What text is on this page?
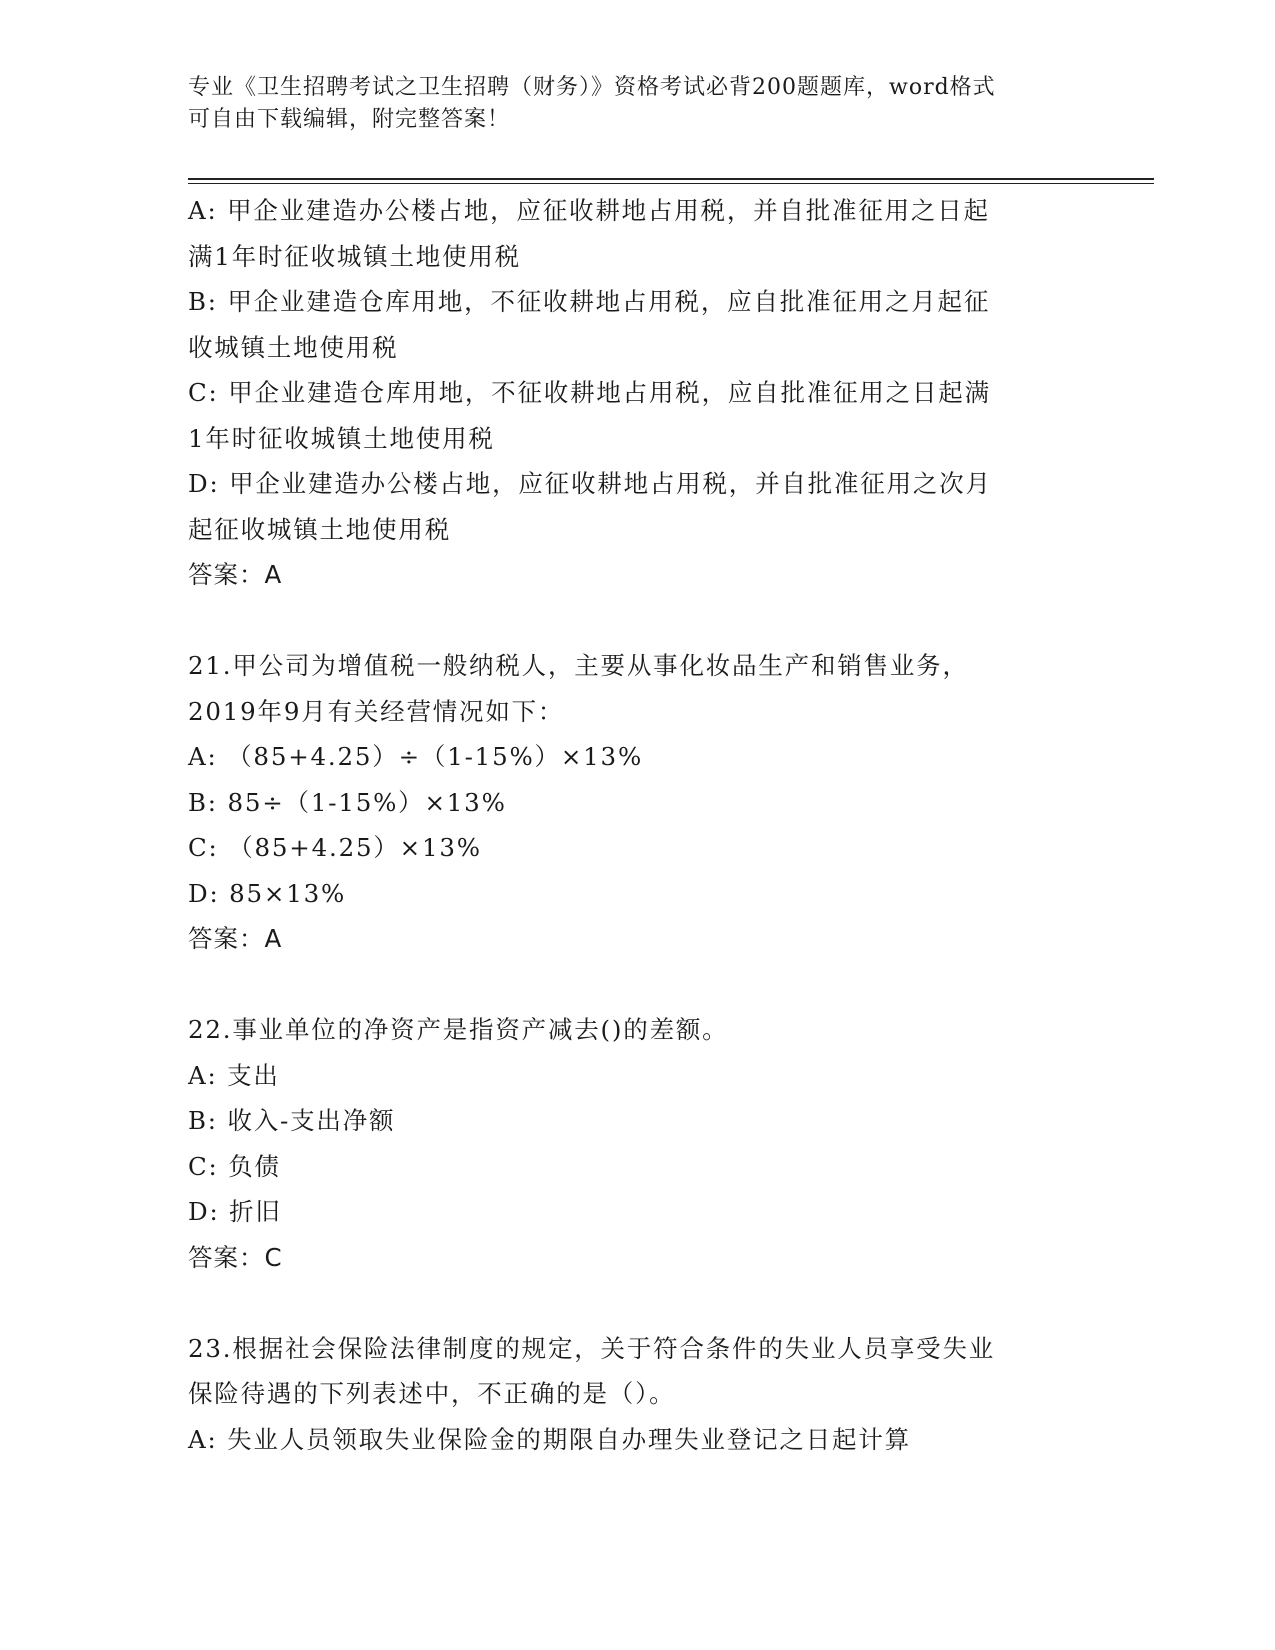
专业《卫生招聘考试之卫生招聘（财务）》资格考试必背200题题库，word格式
可自由下载编辑，附完整答案！
A: 甲企业建造办公楼占地，应征收耕地占用税，并自批准征用之日起
满1年时征收城镇土地使用税
B: 甲企业建造仓库用地，不征收耕地占用税，应自批准征用之月起征
收城镇土地使用税
C: 甲企业建造仓库用地，不征收耕地占用税，应自批准征用之日起满
1年时征收城镇土地使用税
D: 甲企业建造办公楼占地，应征收耕地占用税，并自批准征用之次月
起征收城镇土地使用税
答案：A
21.甲公司为增值税一般纳税人，主要从事化妆品生产和销售业务，
2019年9月有关经营情况如下：
A: （85+4.25）÷（1-15%）×13%
B: 85÷（1-15%）×13%
C: （85+4.25）×13%
D: 85×13%
答案：A
22.事业单位的净资产是指资产减去()的差额。
A: 支出
B: 收入-支出净额
C: 负债
D: 折旧
答案：C
23.根据社会保险法律制度的规定，关于符合条件的失业人员享受失业
保险待遇的下列表述中，不正确的是（）。
A: 失业人员领取失业保险金的期限自办理失业登记之日起计算
